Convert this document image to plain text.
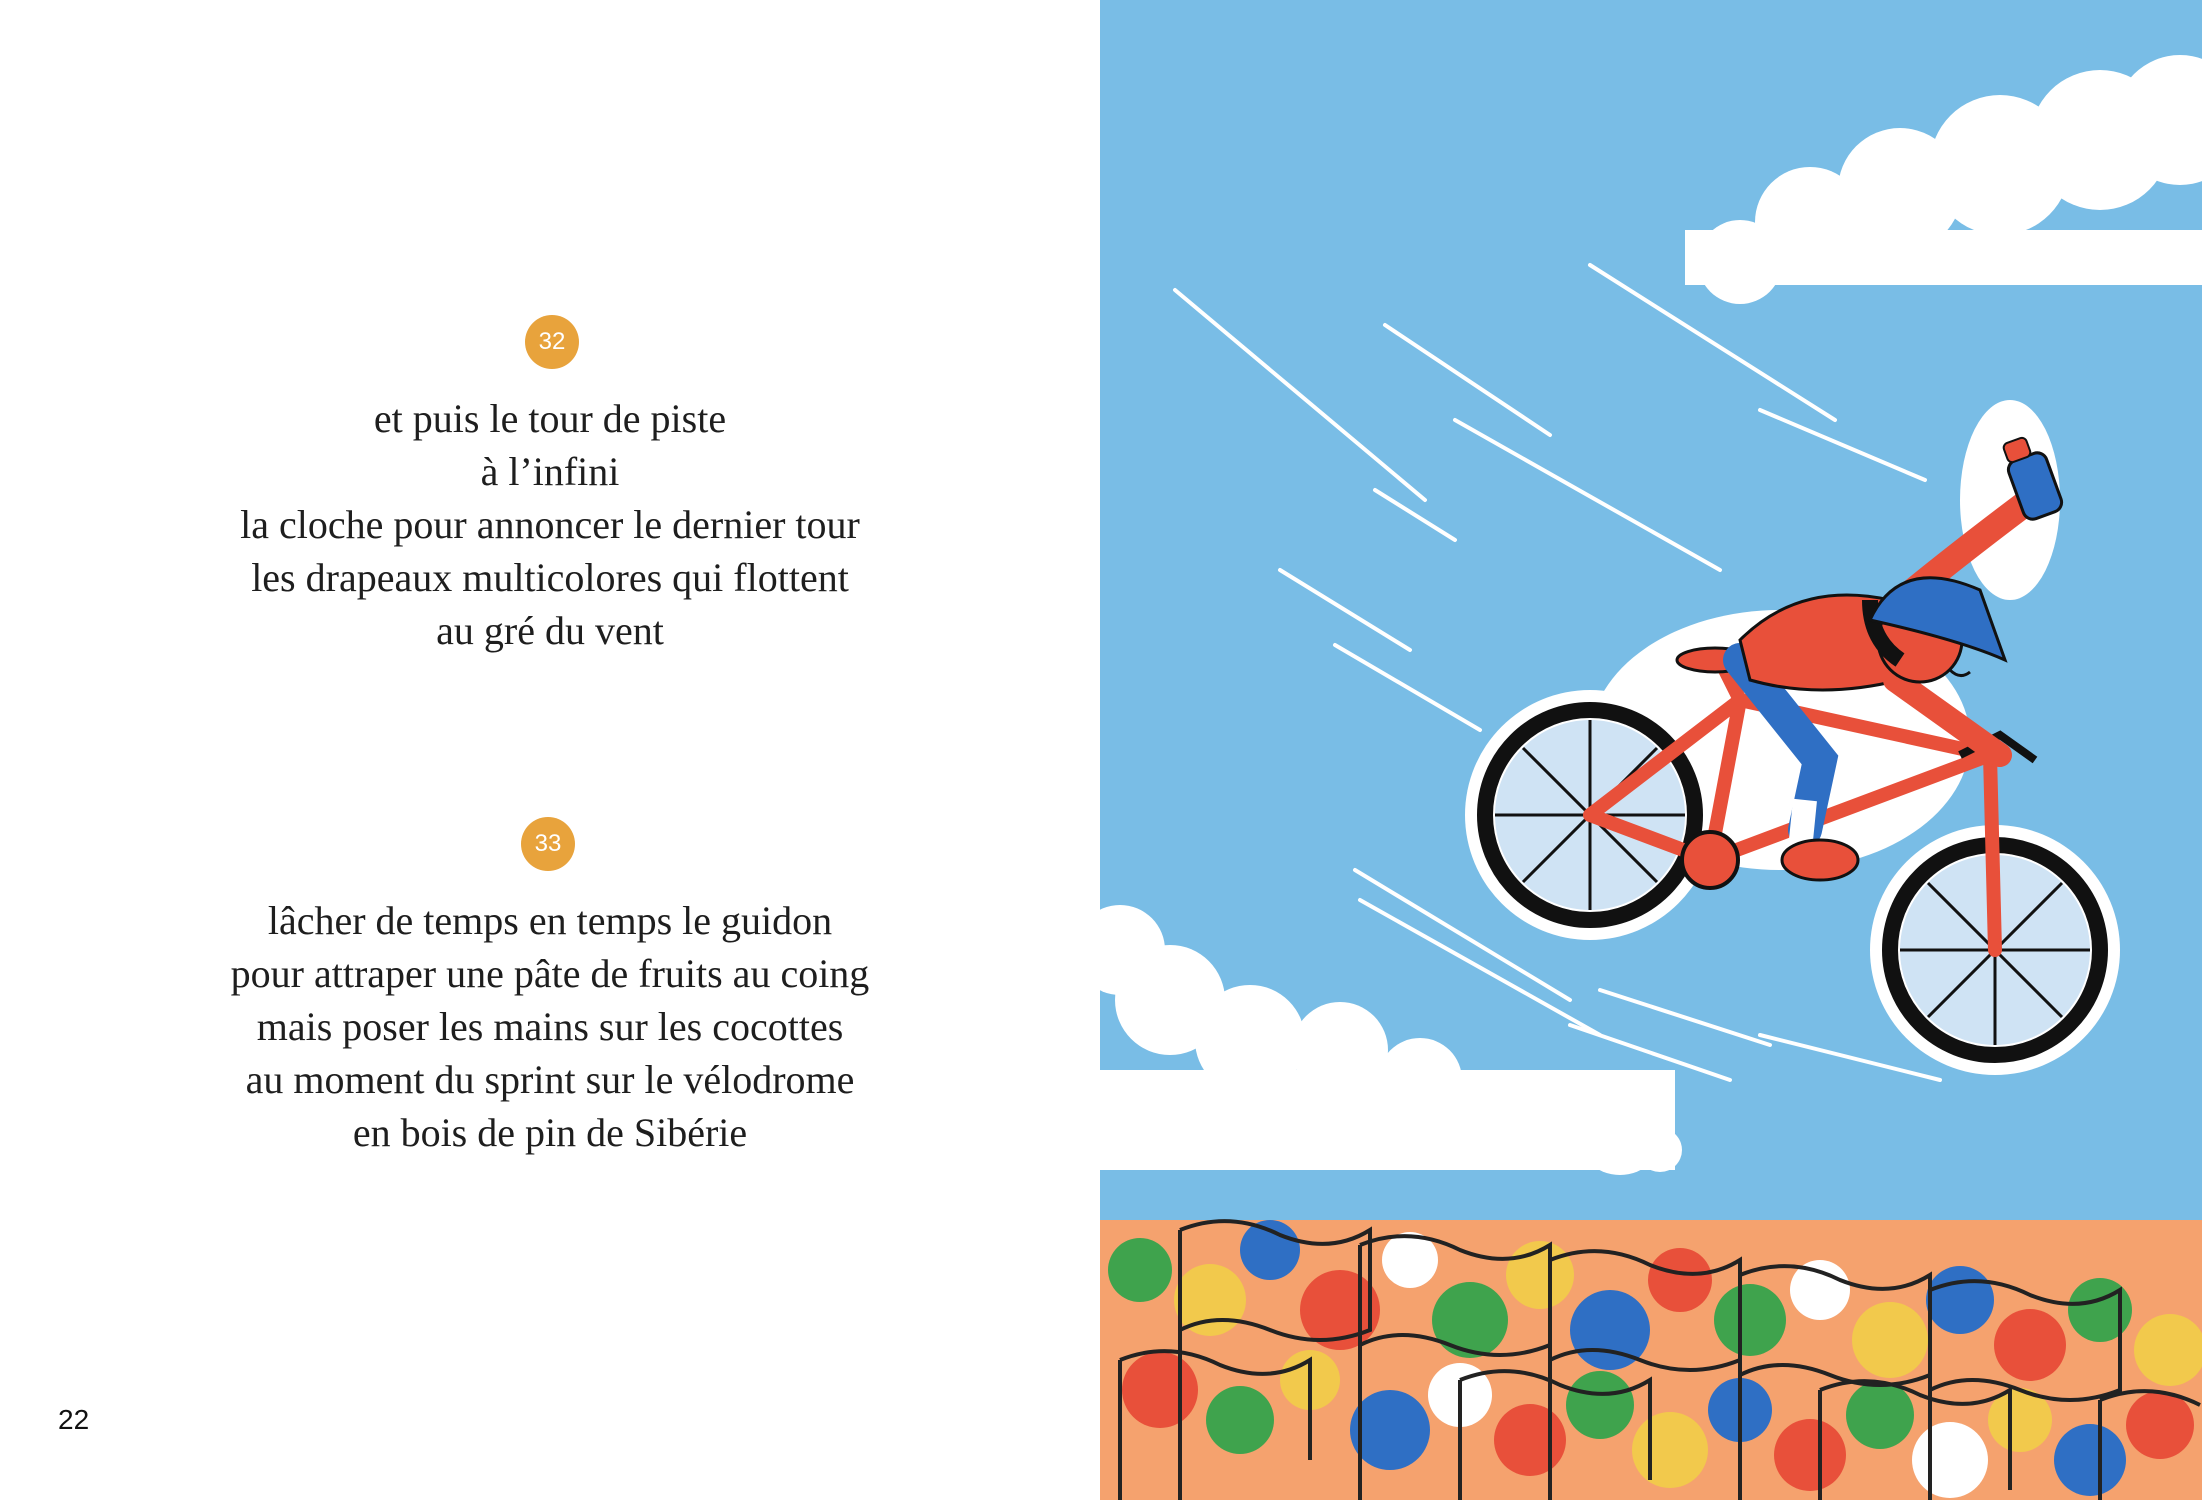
32
et puis le tour de piste
à l’infini
la cloche pour annoncer le dernier tour
les drapeaux multicolores qui flottent
au gré du vent
33
lâcher de temps en temps le guidon
pour attraper une pâte de fruits au coing
mais poser les mains sur les cocottes
au moment du sprint sur le vélodrome
en bois de pin de Sibérie
22
